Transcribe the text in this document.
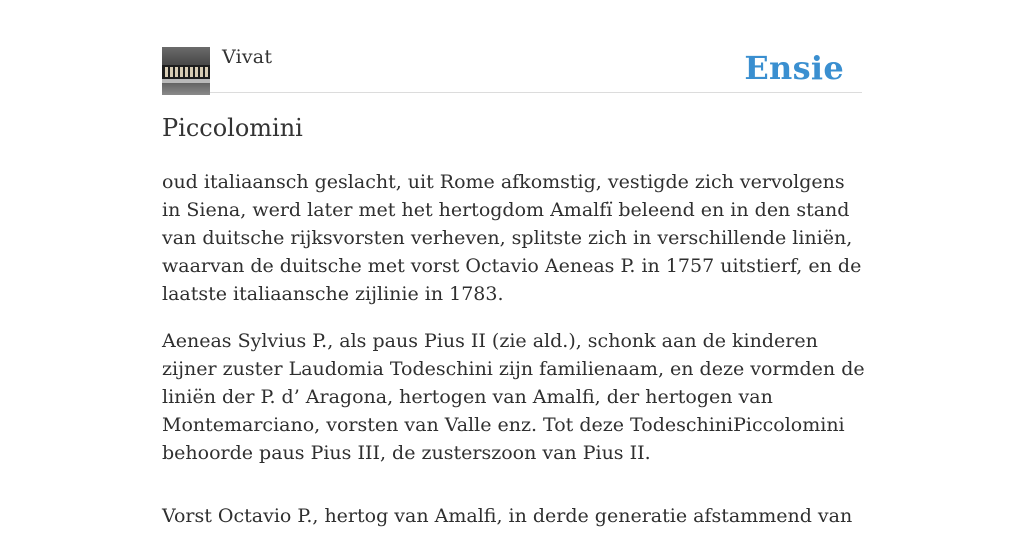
Vivat	Ensie
Piccolomini

oud italiaansch geslacht, uit Rome afkomstig, vestigde zich vervolgens in Siena, werd later met het hertogdom Amalfï beleend en in den stand van duitsche rijksvorsten verheven, splitste zich in verschillende liniën, waarvan de duitsche met vorst Octavio Aeneas P. in 1757 uitstierf, en de laatste italiaansche zijlinie in 1783.

Aeneas Sylvius P., als paus Pius II (zie ald.), schonk aan de kinderen zijner zuster Laudomia Todeschini zijn familienaam, en deze vormden de liniën der P. d’ Aragona, hertogen van Amalfi, der hertogen van Montemarciano, vorsten van Valle enz. Tot deze TodeschiniPiccolomini behoorde paus Pius III, de zusterszoon van Pius II.

Vorst Octavio P., hertog van Amalfi, in derde generatie afstammend van
